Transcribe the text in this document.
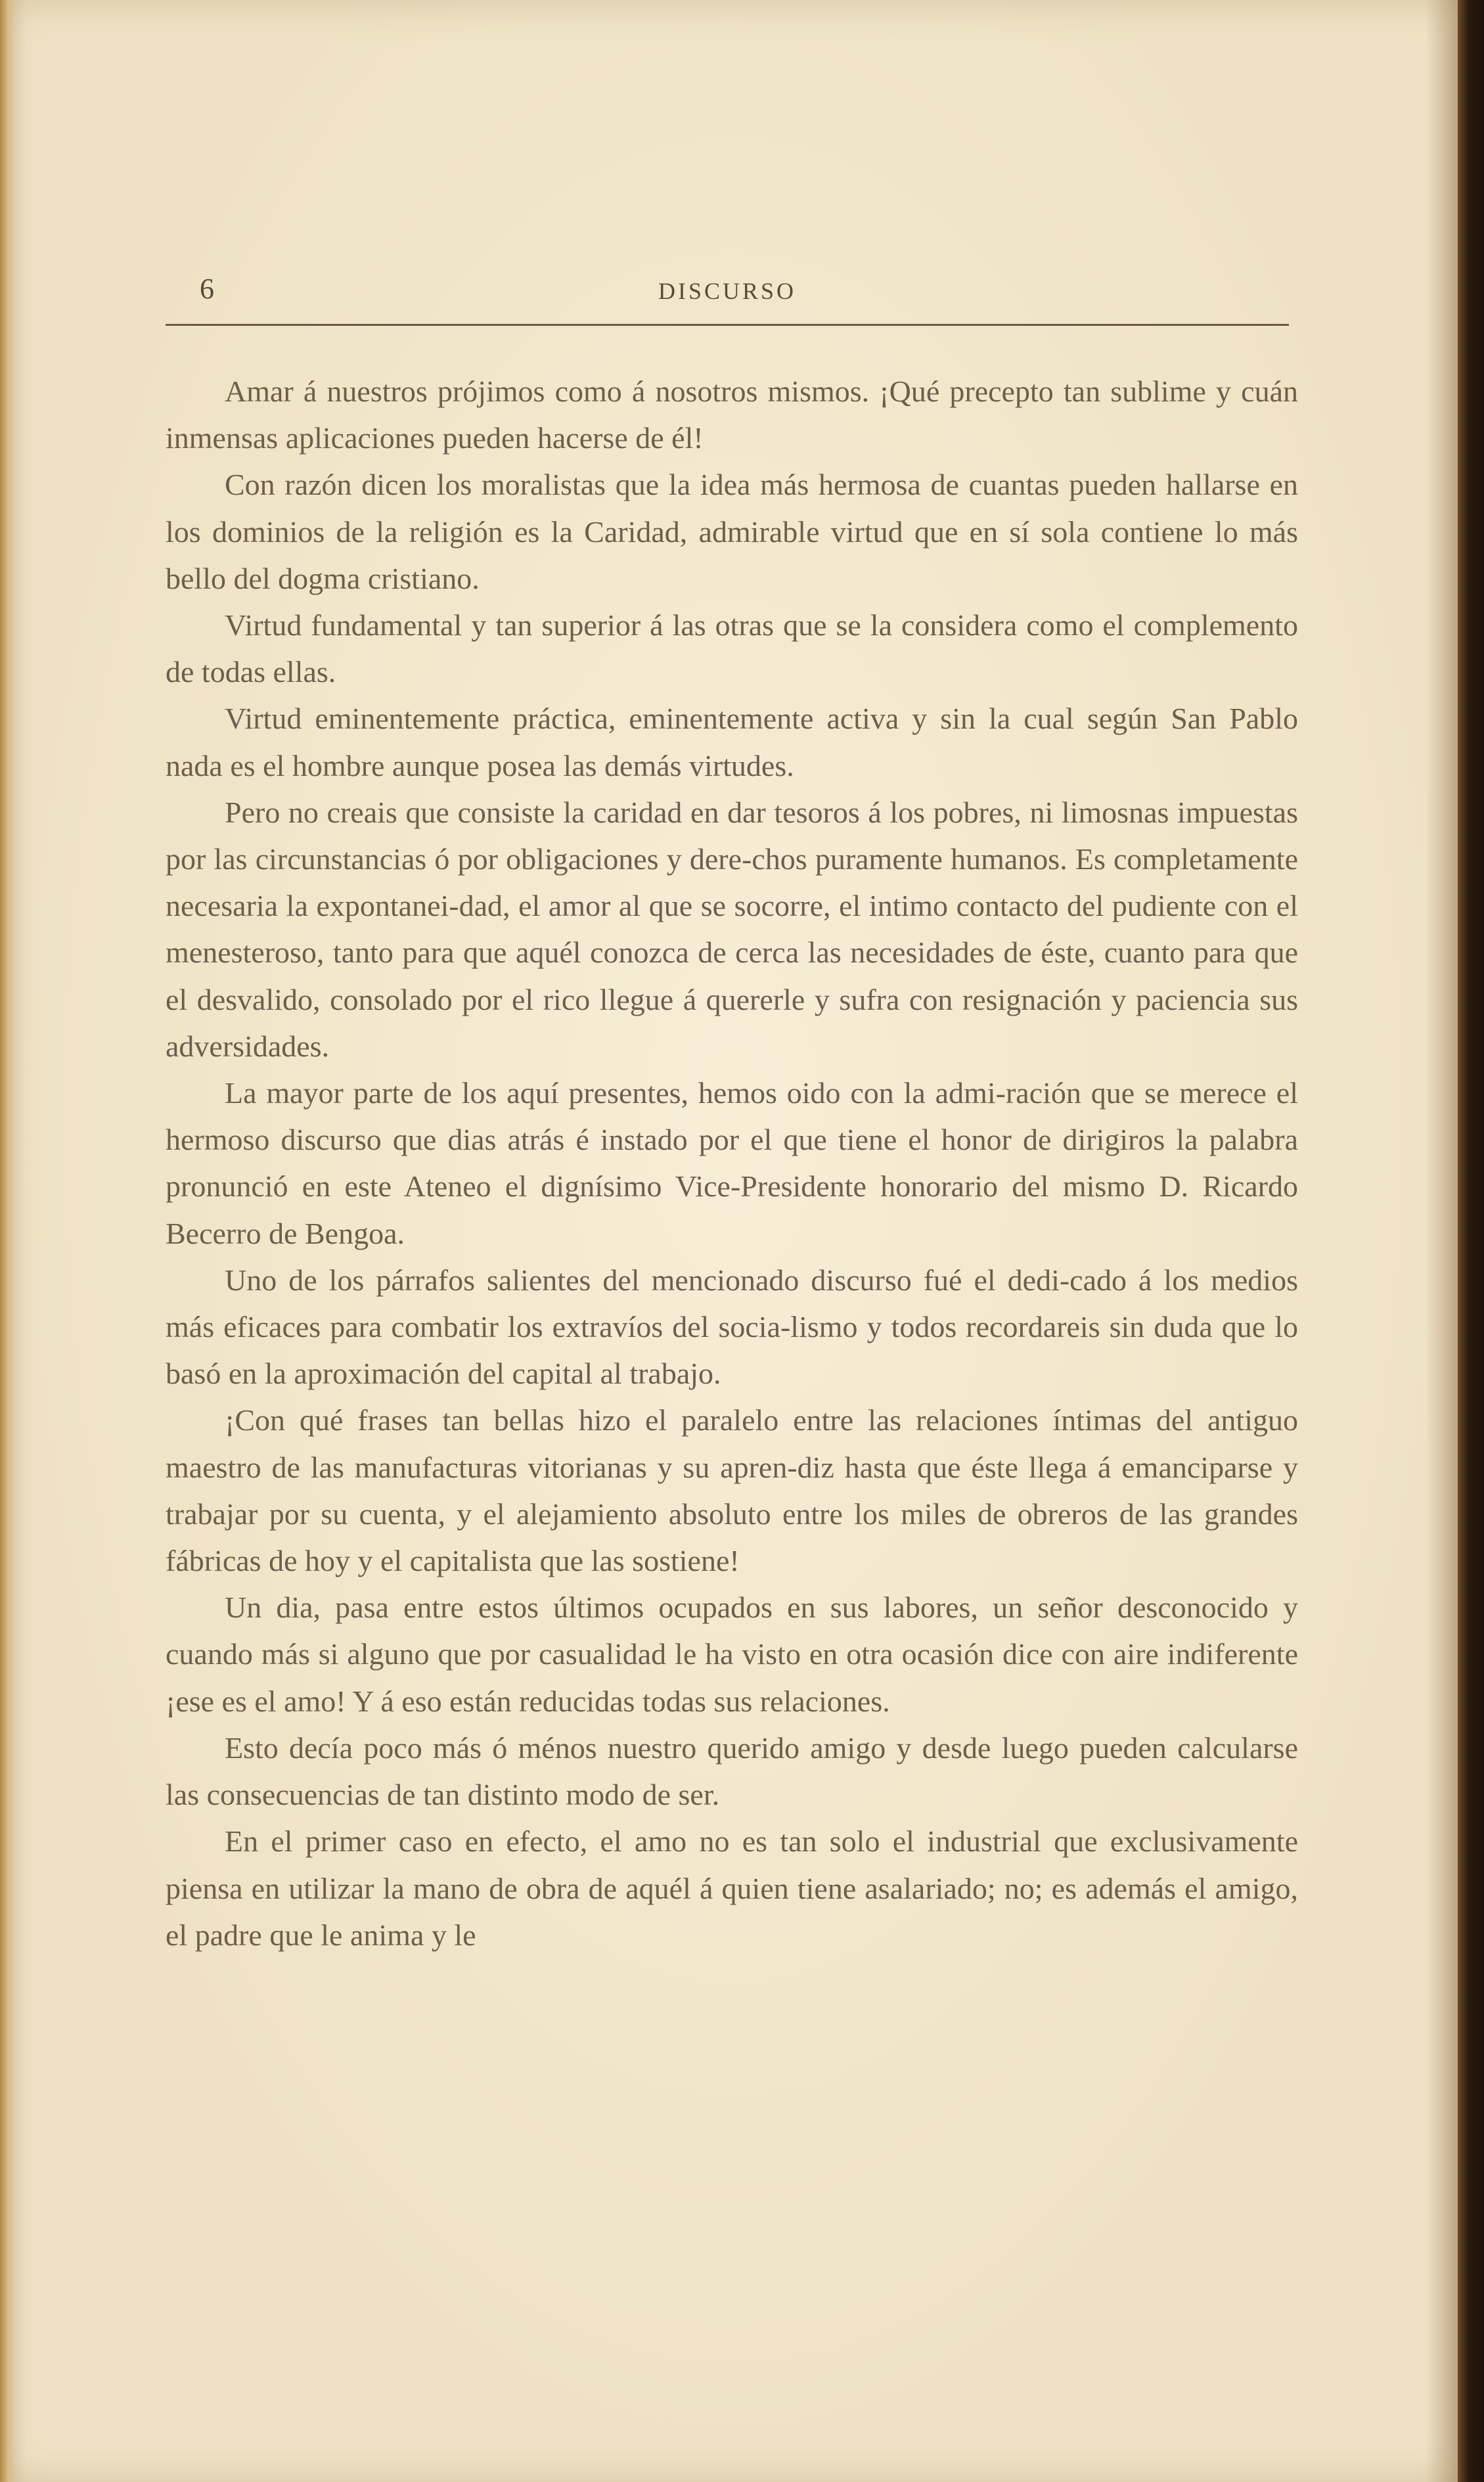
6	DISCURSO

Amar á nuestros prójimos como á nosotros mismos. ¡Qué precepto tan sublime y cuán inmensas aplicaciones pueden hacerse de él!

Con razón dicen los moralistas que la idea más hermosa de cuantas pueden hallarse en los dominios de la religión es la Caridad, admirable virtud que en sí sola contiene lo más bello del dogma cristiano.

Virtud fundamental y tan superior á las otras que se la considera como el complemento de todas ellas.

Virtud eminentemente práctica, eminentemente activa y sin la cual según San Pablo nada es el hombre aunque posea las demás virtudes.

Pero no creais que consiste la caridad en dar tesoros á los pobres, ni limosnas impuestas por las circunstancias ó por obligaciones y dere-chos puramente humanos. Es completamente necesaria la expontanei-dad, el amor al que se socorre, el intimo contacto del pudiente con el menesteroso, tanto para que aquél conozca de cerca las necesidades de éste, cuanto para que el desvalido, consolado por el rico llegue á quererle y sufra con resignación y paciencia sus adversidades.

La mayor parte de los aquí presentes, hemos oido con la admi-ración que se merece el hermoso discurso que dias atrás é instado por el que tiene el honor de dirigiros la palabra pronunció en este Ateneo el dignísimo Vice-Presidente honorario del mismo D. Ricardo Becerro de Bengoa.

Uno de los párrafos salientes del mencionado discurso fué el dedi-cado á los medios más eficaces para combatir los extravíos del socia-lismo y todos recordareis sin duda que lo basó en la aproximación del capital al trabajo.

¡Con qué frases tan bellas hizo el paralelo entre las relaciones íntimas del antiguo maestro de las manufacturas vitorianas y su apren-diz hasta que éste llega á emanciparse y trabajar por su cuenta, y el alejamiento absoluto entre los miles de obreros de las grandes fábricas de hoy y el capitalista que las sostiene!

Un dia, pasa entre estos últimos ocupados en sus labores, un señor desconocido y cuando más si alguno que por casualidad le ha visto en otra ocasión dice con aire indiferente ¡ese es el amo! Y á eso están reducidas todas sus relaciones.

Esto decía poco más ó ménos nuestro querido amigo y desde luego pueden calcularse las consecuencias de tan distinto modo de ser.

En el primer caso en efecto, el amo no es tan solo el industrial que exclusivamente piensa en utilizar la mano de obra de aquél á quien tiene asalariado; no; es además el amigo, el padre que le anima y le
